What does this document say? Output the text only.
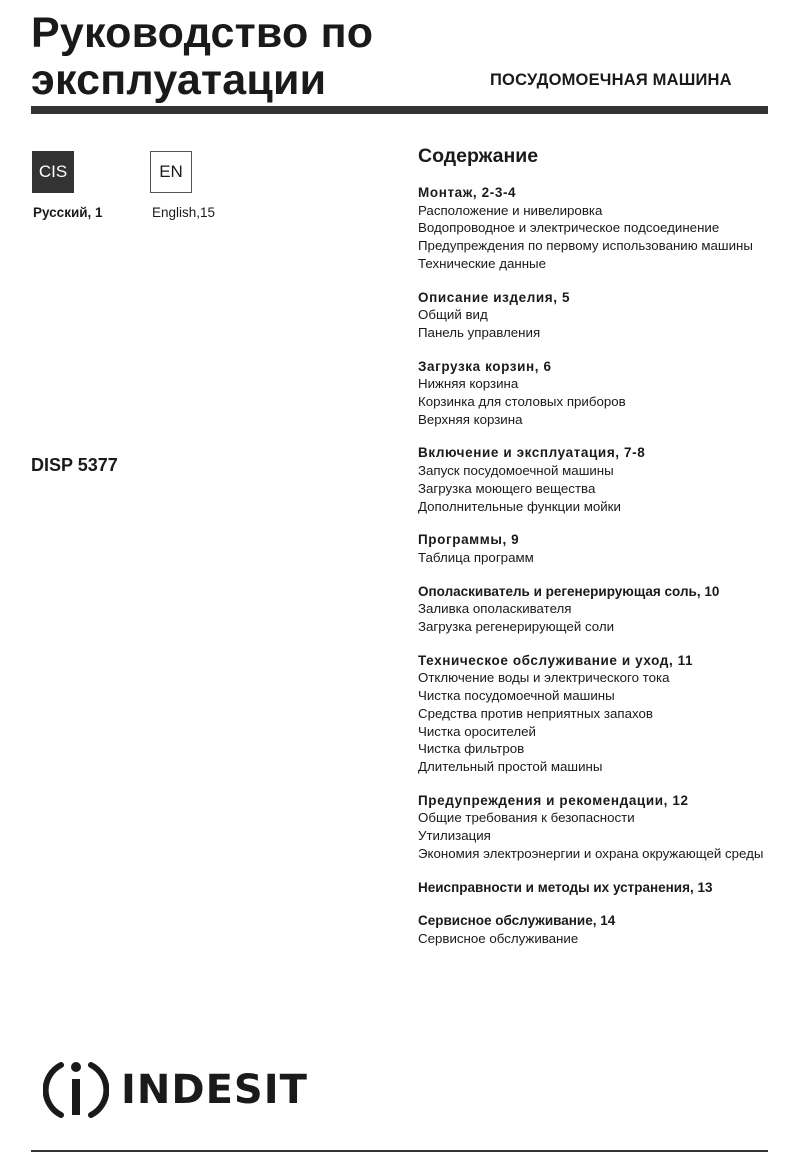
Руководство по
эксплуатации	ПОСУДОМОЕЧНАЯ МАШИНА
CIS	EN
Русский, 1	English,15
DISP 5377
Содержание
Монтаж, 2-3-4
Расположение и нивелировка
Водопроводное и электрическое подсоединение
Предупреждения по первому использованию машины
Технические данные
Описание изделия, 5
Общий вид
Панель управления
Загрузка корзин, 6
Нижняя корзина
Корзинка для столовых приборов
Верхняя корзина
Включение и эксплуатация, 7-8
Запуск посудомоечной машины
Загрузка моющего вещества
Дополнительные функции мойки
Программы, 9
Таблица программ
Ополаскиватель и регенерирующая соль, 10
Заливка ополаскивателя
Загрузка регенерирующей соли
Техническое обслуживание и уход, 11
Отключение воды и электрического тока
Чистка посудомоечной машины
Средства против неприятных запахов
Чистка оросителей
Чистка фильтров
Длительный простой машины
Предупреждения и рекомендации, 12
Общие требования к безопасности
Утилизация
Экономия электроэнергии и охрана окружающей среды
Неисправности и методы их устранения, 13
Сервисное обслуживание, 14
Сервисное обслуживание
INDESIT
